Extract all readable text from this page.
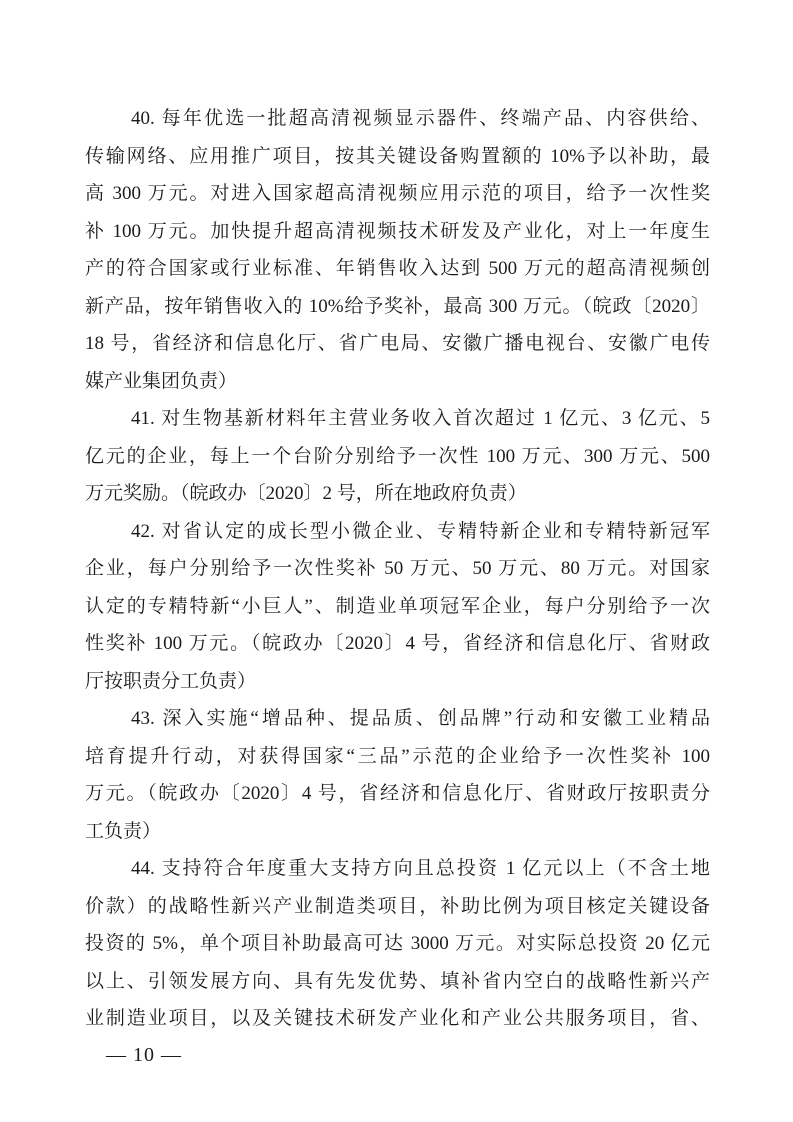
40. 每年优选一批超高清视频显示器件、终端产品、内容供给、
传输网络、应用推广项目，按其关键设备购置额的 10%予以补助，最
高 300 万元。对进入国家超高清视频应用示范的项目，给予一次性奖
补 100 万元。加快提升超高清视频技术研发及产业化，对上一年度生
产的符合国家或行业标准、年销售收入达到 500 万元的超高清视频创
新产品，按年销售收入的 10%给予奖补，最高 300 万元。（皖政〔2020〕
18 号，省经济和信息化厅、省广电局、安徽广播电视台、安徽广电传
媒产业集团负责）
41. 对生物基新材料年主营业务收入首次超过 1 亿元、3 亿元、5
亿元的企业，每上一个台阶分别给予一次性 100 万元、300 万元、500
万元奖励。（皖政办〔2020〕2 号，所在地政府负责）
42. 对省认定的成长型小微企业、专精特新企业和专精特新冠军
企业，每户分别给予一次性奖补 50 万元、50 万元、80 万元。对国家
认定的专精特新“小巨人”、制造业单项冠军企业，每户分别给予一次
性奖补 100 万元。（皖政办〔2020〕4 号，省经济和信息化厅、省财政
厅按职责分工负责）
43. 深入实施“增品种、提品质、创品牌”行动和安徽工业精品
培育提升行动，对获得国家“三品”示范的企业给予一次性奖补 100
万元。（皖政办〔2020〕4 号，省经济和信息化厅、省财政厅按职责分
工负责）
44. 支持符合年度重大支持方向且总投资 1 亿元以上（不含土地
价款）的战略性新兴产业制造类项目，补助比例为项目核定关键设备
投资的 5%，单个项目补助最高可达 3000 万元。对实际总投资 20 亿元
以上、引领发展方向、具有先发优势、填补省内空白的战略性新兴产
业制造业项目，以及关键技术研发产业化和产业公共服务项目，省、
— 10 —
